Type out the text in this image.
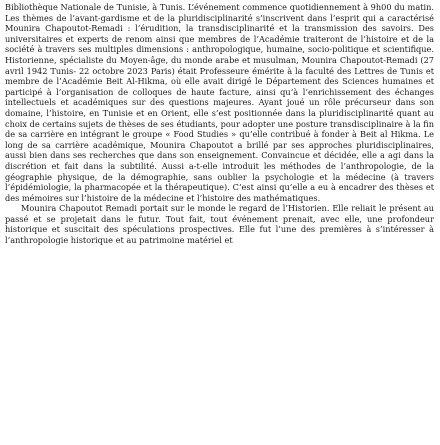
Bibliothèque Nationale de Tunisie, à Tunis. L’événement commence quotidiennement à 9h00 du matin. Les thèmes de l’avant-gardisme et de la pluridisciplinarité s’inscrivent dans l’esprit qui a caractérisé Mounira Chapoutot-Remadi : l’érudition, la transdisciplinarité et la transmission des savoirs. Des universitaires et experts de renom ainsi que membres de l’Académie traiteront de l’histoire et de la société à travers ses multiples dimensions : anthropologique, humaine, socio-politique et scientifique. Historienne, spécialiste du Moyen-âge, du monde arabe et musulman, Mounira Chapoutot-Remadi (27 avril 1942 Tunis- 22 octobre 2023 Paris) était Professeure émérite à la faculté des Lettres de Tunis et membre de l’Académie Beit Al-Hikma, où elle avait dirigé le Département des Sciences humaines et participé à l’organisation de colloques de haute facture, ainsi qu’à l’enrichissement des échanges intellectuels et académiques sur des questions majeures. Ayant joué un rôle précurseur dans son domaine, l’histoire, en Tunisie et en Orient, elle s’est positionnée dans la pluridisciplinarité quant au choix de certains sujets de thèses de ses étudiants, pour adopter une posture transdisciplinaire à la fin de sa carrière en intégrant le groupe « Food Studies » qu’elle contribué à fonder à Beit al Hikma. Le long de sa carrière académique, Mounira Chapoutot a brillé par ses approches pluridisciplinaires, aussi bien dans ses recherches que dans son enseignement. Convaincue et décidée, elle a agi dans la discrétion et fait dans la subtilité. Aussi a-t-elle introduit les méthodes de l’anthropologie, de la géographie physique, de la démographie, sans oublier la psychologie et la médecine (à travers l’épidémiologie, la pharmacopée et la thérapeutique). C’est ainsi qu’elle a eu à encadrer des thèses et des mémoires sur l’histoire de la médecine et l’histoire des mathématiques.

Mounira Chapoutot Remadi portait sur le monde le regard de l’Historien. Elle reliait le présent au passé et se projetait dans le futur. Tout fait, tout événement prenait, avec elle, une profondeur historique et suscitait des spéculations prospectives. Elle fut l’une des premières à s’intéresser à l’anthropologie historique et au patrimoine matériel et
